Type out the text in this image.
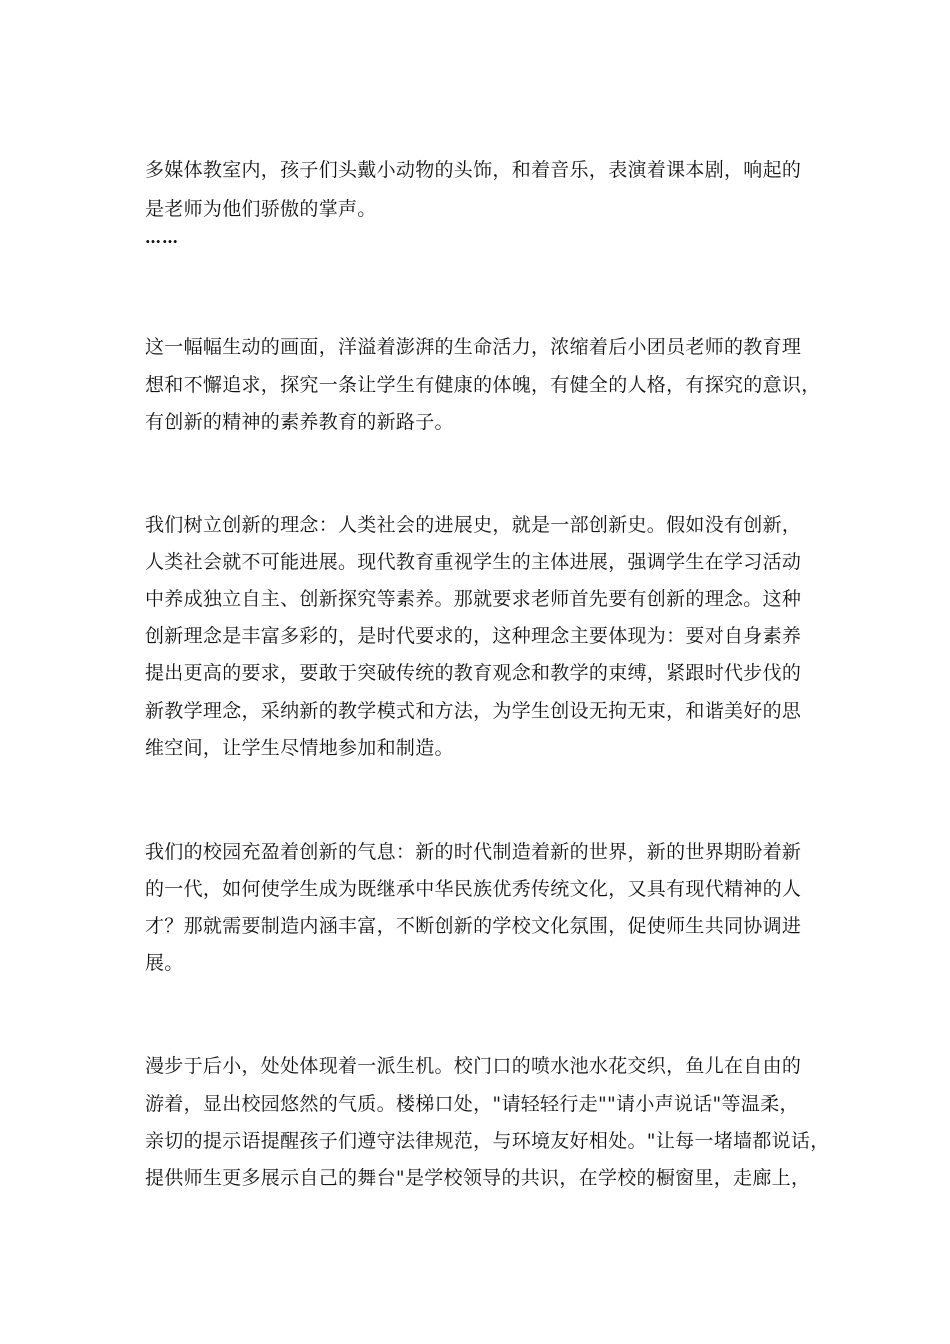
多媒体教室内，孩子们头戴小动物的头饰，和着音乐，表演着课本剧，响起的
是老师为他们骄傲的掌声。
……
这一幅幅生动的画面，洋溢着澎湃的生命活力，浓缩着后小团员老师的教育理
想和不懈追求，探究一条让学生有健康的体魄，有健全的人格，有探究的意识，
有创新的精神的素养教育的新路子。
我们树立创新的理念：人类社会的进展史，就是一部创新史。假如没有创新，
人类社会就不可能进展。现代教育重视学生的主体进展，强调学生在学习活动
中养成独立自主、创新探究等素养。那就要求老师首先要有创新的理念。这种
创新理念是丰富多彩的，是时代要求的，这种理念主要体现为：要对自身素养
提出更高的要求，要敢于突破传统的教育观念和教学的束缚，紧跟时代步伐的
新教学理念，采纳新的教学模式和方法，为学生创设无拘无束，和谐美好的思
维空间，让学生尽情地参加和制造。
我们的校园充盈着创新的气息：新的时代制造着新的世界，新的世界期盼着新
的一代，如何使学生成为既继承中华民族优秀传统文化，又具有现代精神的人
才？那就需要制造内涵丰富，不断创新的学校文化氛围，促使师生共同协调进
展。
漫步于后小，处处体现着一派生机。校门口的喷水池水花交织，鱼儿在自由的
游着，显出校园悠然的气质。楼梯口处，"请轻轻行走""请小声说话"等温柔，
亲切的提示语提醒孩子们遵守法律规范，与环境友好相处。"让每一堵墙都说话，
提供师生更多展示自己的舞台"是学校领导的共识，在学校的橱窗里，走廊上，
